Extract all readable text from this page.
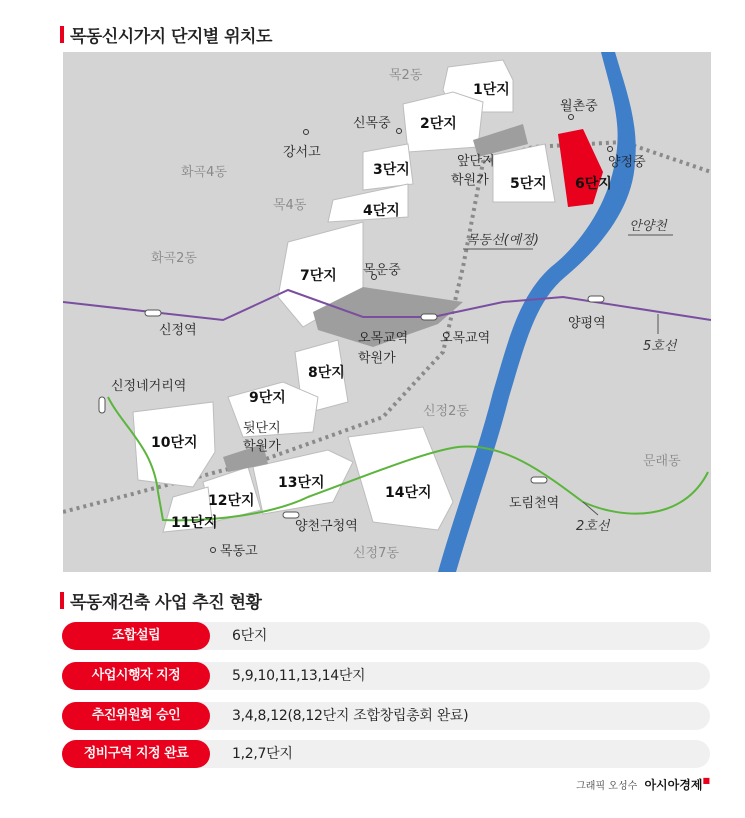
목동신시가지 단지별 위치도
목2동
화곡4동
목4동
화곡2동
신정2동
신정7동
문래동
1단지
2단지
3단지
4단지
5단지 6단지
7단지
8단지
9단지
10단지
11단지
12단지
13단지
14단지
강서고
신목중
월촌중
양정중
목운중
목동고
앞단지
학원가
오목교역
학원가
뒷단지
학원가
신정역
오목교역
양평역
신정네거리역
양천구청역
도림천역
5호선
2호선
목동선(예정)
안양천
목동재건축 사업 추진 현황
조합설립	6단지
사업시행자 지정	5,9,10,11,13,14단지
추진위원회 승인	3,4,8,12(8,12단지 조합창립총회 완료)
정비구역 지정 완료	1,2,7단지
그래픽 오성수 아시아경제■
